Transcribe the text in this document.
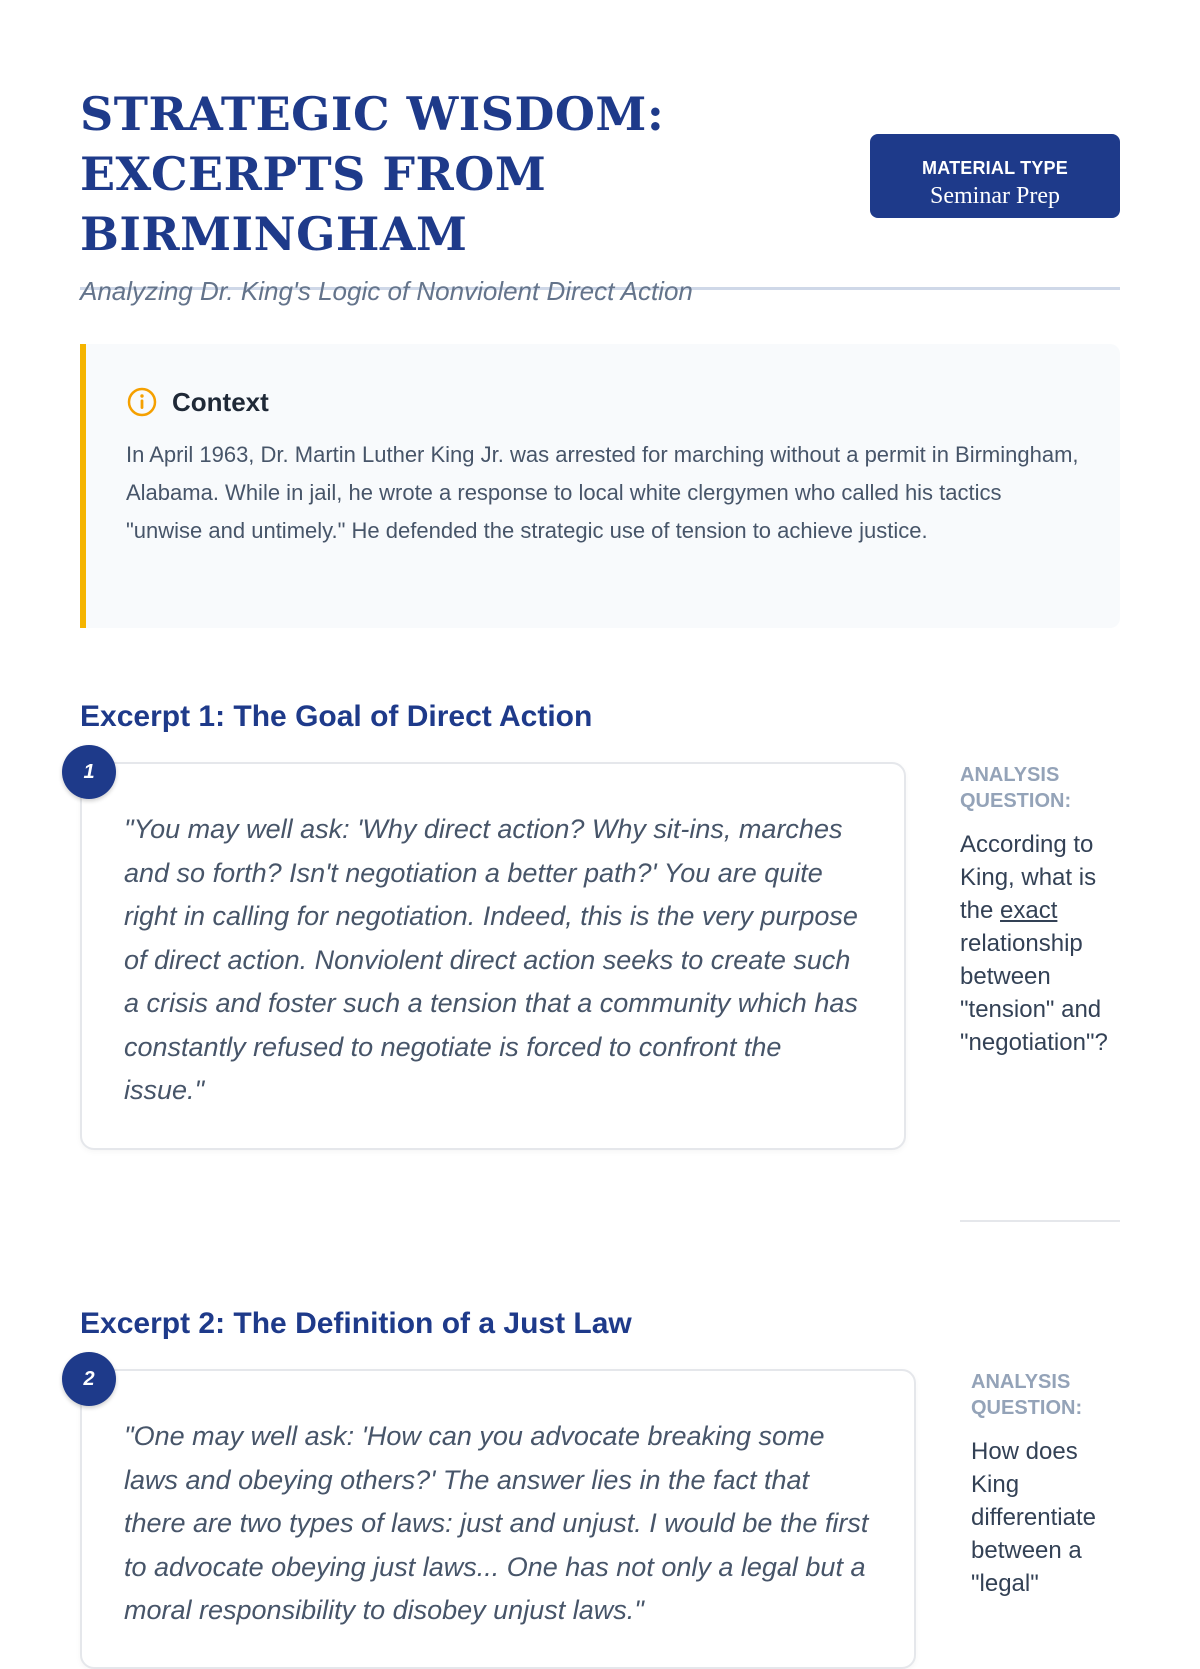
STRATEGIC WISDOM:
EXCERPTS FROM BIRMINGHAM
Analyzing Dr. King's Logic of Nonviolent Direct Action
MATERIAL TYPE
Seminar Prep
Context
In April 1963, Dr. Martin Luther King Jr. was arrested for marching without a permit in Birmingham, Alabama. While in jail, he wrote a response to local white clergymen who called his tactics "unwise and untimely." He defended the strategic use of tension to achieve justice.
Excerpt 1: The Goal of Direct Action
"You may well ask: 'Why direct action? Why sit-ins, marches and so forth? Isn't negotiation a better path?' You are quite right in calling for negotiation. Indeed, this is the very purpose of direct action. Nonviolent direct action seeks to create such a crisis and foster such a tension that a community which has constantly refused to negotiate is forced to confront the issue."
1	ANALYSIS QUESTION:
According to King, what is the exact relationship between "tension" and "negotiation"?
Excerpt 2: The Definition of a Just Law
"One may well ask: 'How can you advocate breaking some laws and obeying others?' The answer lies in the fact that there are two types of laws: just and unjust. I would be the first to advocate obeying just laws... One has not only a legal but a moral responsibility to disobey unjust laws."
2	ANALYSIS QUESTION:
How does King differentiate between a "legal"
